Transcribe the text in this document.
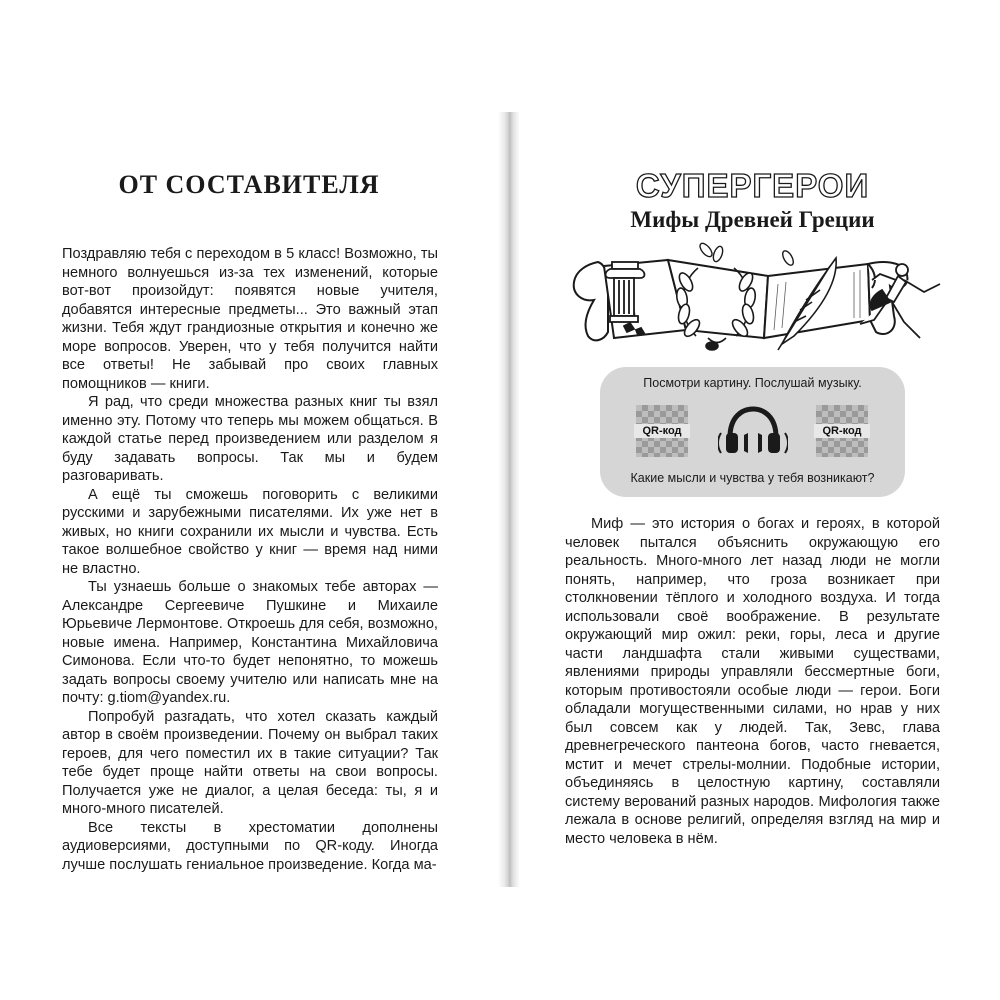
ОТ СОСТАВИТЕЛЯ

Поздравляю тебя с переходом в 5 класс! Возможно, ты немного волнуешься из-за тех изменений, которые вот-вот произойдут: появятся новые учителя, добавятся интересные предметы... Это важный этап жизни. Тебя ждут грандиозные открытия и конечно же море вопросов. Уверен, что у тебя получится найти все ответы! Не забывай про своих главных помощников — книги.

Я рад, что среди множества разных книг ты взял именно эту. Потому что теперь мы можем общаться. В каждой статье перед произведением или разделом я буду задавать вопросы. Так мы и будем разговаривать.

А ещё ты сможешь поговорить с великими русскими и зарубежными писателями. Их уже нет в живых, но книги сохранили их мысли и чувства. Есть такое волшебное свойство у книг — время над ними не властно.

Ты узнаешь больше о знакомых тебе авторах — Александре Сергеевиче Пушкине и Михаиле Юрьевиче Лермонтове. Откроешь для себя, возможно, новые имена. Например, Константина Михайловича Симонова. Если что-то будет непонятно, то можешь задать вопросы своему учителю или написать мне на почту: g.tiom@yandex.ru.

Попробуй разгадать, что хотел сказать каждый автор в своём произведении. Почему он выбрал таких героев, для чего поместил их в такие ситуации? Так тебе будет проще найти ответы на свои вопросы. Получается уже не диалог, а целая беседа: ты, я и много-много писателей.

Все тексты в хрестоматии дополнены аудиоверсиями, доступными по QR-коду. Иногда лучше послушать гениальное произведение. Когда ма-

СУПЕРГЕРОИ
Мифы Древней Греции
Посмотри картину. Послушай музыку.
QR-код	QR-код
Какие мысли и чувства у тебя возникают?

Миф — это история о богах и героях, в которой человек пытался объяснить окружающую его реальность. Много-много лет назад люди не могли понять, например, что гроза возникает при столкновении тёплого и холодного воздуха. И тогда использовали своё воображение. В результате окружающий мир ожил: реки, горы, леса и другие части ландшафта стали живыми существами, явлениями природы управляли бессмертные боги, которым противостояли особые люди — герои. Боги обладали могущественными силами, но нрав у них был совсем как у людей. Так, Зевс, глава древнегреческого пантеона богов, часто гневается, мстит и мечет стрелы-молнии. Подобные истории, объединяясь в целостную картину, составляли систему верований разных народов. Мифология также лежала в основе религий, определяя взгляд на мир и место человека в нём.
